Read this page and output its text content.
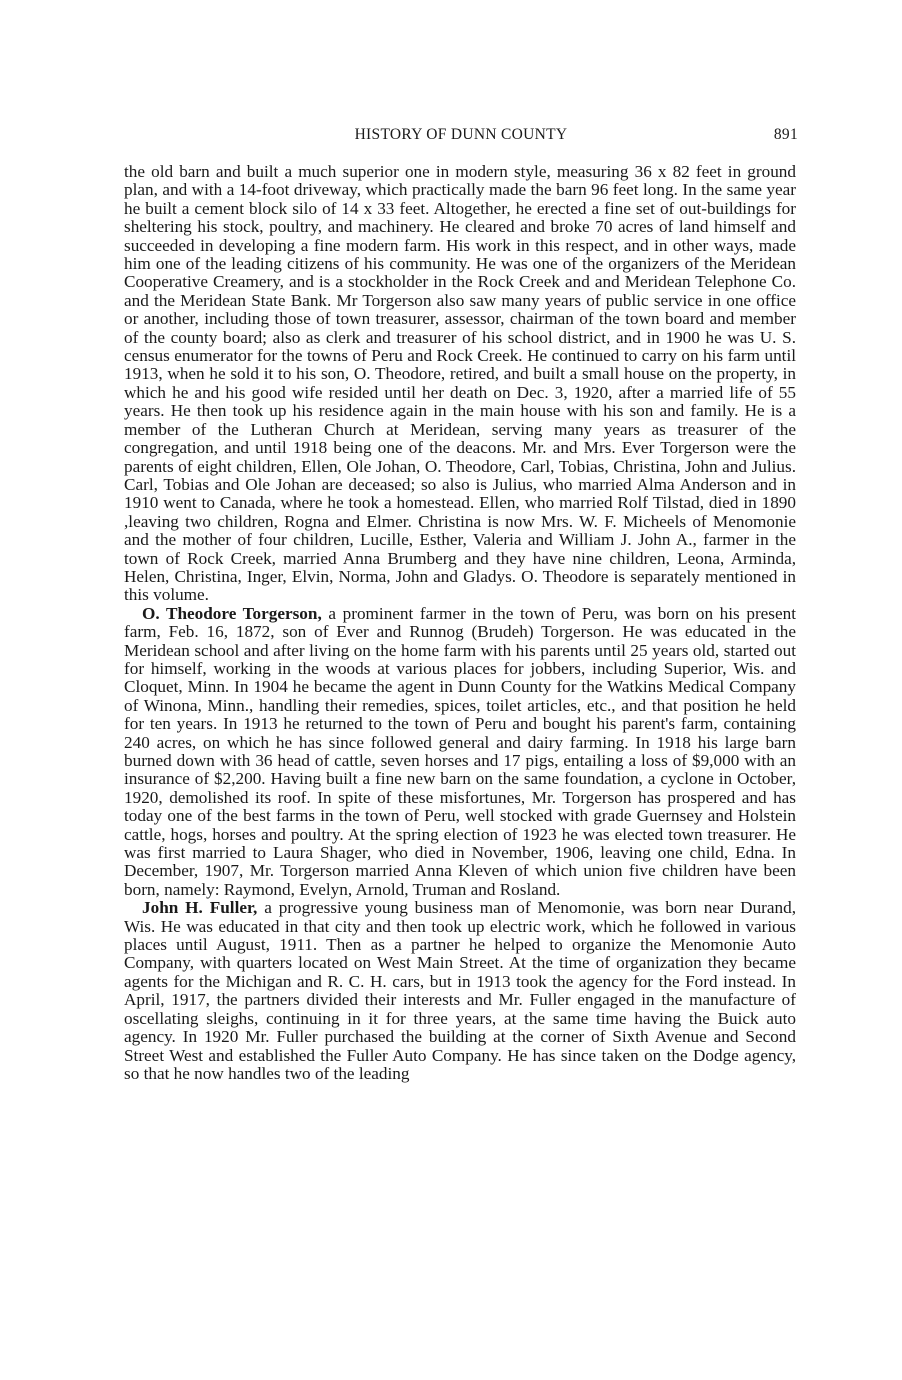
HISTORY OF DUNN COUNTY	891

the old barn and built a much superior one in modern style, measuring 36 x 82 feet in ground plan, and with a 14-foot driveway, which practically made the barn 96 feet long. In the same year he built a cement block silo of 14 x 33 feet. Altogether, he erected a fine set of out-buildings for sheltering his stock, poultry, and machinery. He cleared and broke 70 acres of land himself and succeeded in developing a fine modern farm. His work in this respect, and in other ways, made him one of the leading citizens of his community. He was one of the organizers of the Meridean Cooperative Creamery, and is a stockholder in the Rock Creek and and Meridean Telephone Co. and the Meridean State Bank. Mr Torgerson also saw many years of public service in one office or another, including those of town treasurer, assessor, chairman of the town board and member of the county board; also as clerk and treasurer of his school district, and in 1900 he was U. S. census enumerator for the towns of Peru and Rock Creek. He continued to carry on his farm until 1913, when he sold it to his son, O. Theodore, retired, and built a small house on the property, in which he and his good wife resided until her death on Dec. 3, 1920, after a married life of 55 years. He then took up his residence again in the main house with his son and family. He is a member of the Lutheran Church at Meridean, serving many years as treasurer of the congregation, and until 1918 being one of the deacons. Mr. and Mrs. Ever Torgerson were the parents of eight children, Ellen, Ole Johan, O. Theodore, Carl, Tobias, Christina, John and Julius. Carl, Tobias and Ole Johan are deceased; so also is Julius, who married Alma Anderson and in 1910 went to Canada, where he took a homestead. Ellen, who married Rolf Tilstad, died in 1890 ,leaving two children, Rogna and Elmer. Christina is now Mrs. W. F. Micheels of Menomonie and the mother of four children, Lucille, Esther, Valeria and William J. John A., farmer in the town of Rock Creek, married Anna Brumberg and they have nine children, Leona, Arminda, Helen, Christina, Inger, Elvin, Norma, John and Gladys. O. Theodore is separately mentioned in this volume.

O. Theodore Torgerson, a prominent farmer in the town of Peru, was born on his present farm, Feb. 16, 1872, son of Ever and Runnog (Brudeh) Torgerson. He was educated in the Meridean school and after living on the home farm with his parents until 25 years old, started out for himself, working in the woods at various places for jobbers, including Superior, Wis. and Cloquet, Minn. In 1904 he became the agent in Dunn County for the Watkins Medical Company of Winona, Minn., handling their remedies, spices, toilet articles, etc., and that position he held for ten years. In 1913 he returned to the town of Peru and bought his parent's farm, containing 240 acres, on which he has since followed general and dairy farming. In 1918 his large barn burned down with 36 head of cattle, seven horses and 17 pigs, entailing a loss of $9,000 with an insurance of $2,200. Having built a fine new barn on the same foundation, a cyclone in October, 1920, demolished its roof. In spite of these misfortunes, Mr. Torgerson has prospered and has today one of the best farms in the town of Peru, well stocked with grade Guernsey and Holstein cattle, hogs, horses and poultry. At the spring election of 1923 he was elected town treasurer. He was first married to Laura Shager, who died in November, 1906, leaving one child, Edna. In December, 1907, Mr. Torgerson married Anna Kleven of which union five children have been born, namely: Raymond, Evelyn, Arnold, Truman and Rosland.

John H. Fuller, a progressive young business man of Menomonie, was born near Durand, Wis. He was educated in that city and then took up electric work, which he followed in various places until August, 1911. Then as a partner he helped to organize the Menomonie Auto Company, with quarters located on West Main Street. At the time of organization they became agents for the Michigan and R. C. H. cars, but in 1913 took the agency for the Ford instead. In April, 1917, the partners divided their interests and Mr. Fuller engaged in the manufacture of oscellating sleighs, continuing in it for three years, at the same time having the Buick auto agency. In 1920 Mr. Fuller purchased the building at the corner of Sixth Avenue and Second Street West and established the Fuller Auto Company. He has since taken on the Dodge agency, so that he now handles two of the leading
